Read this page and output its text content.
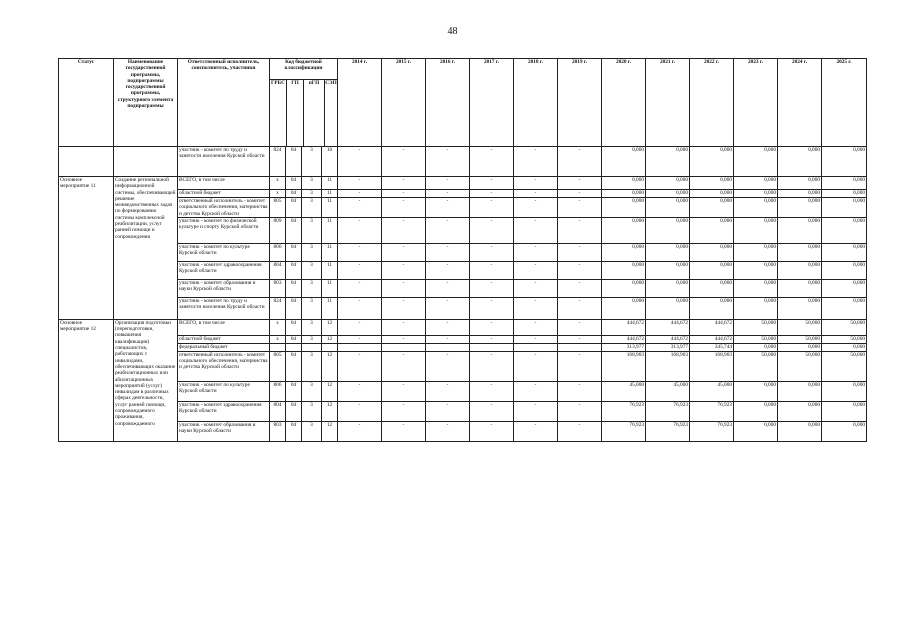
48
Статус	Наименование государственной программы, подпрограммы государственной программы, структурного элемента подпрограммы	Ответственный исполнитель, соисполнитель, участники	Код бюджетной классификации
ГРБС ГП пГП СЭП				2014 г.	2015 г.	2016 г.	2017 г.	2018 г.	2019 г.	2020 г.	2021 г.	2022 г.	2023 г.	2024 г.	2025 г.
		участник - комитет по труду и занятости населения Курской области	824	04	3	10	-	-	-	-	-	-	0,000	0,000	0,000	0,000	0,000	0,000
Основное мероприятие 11	Создание региональной информационной системы, обеспечивающей решение межведомственных задач по формированию системы комплексной реабилитации, услуг ранней помощи и сопровождения	ВСЕГО, в том числе	х	04	3	11	-	-	-	-	-	-	0,000	0,000	0,000	0,000	0,000	0,000
		областной бюджет	х	04	3	11	-	-	-	-	-	-	0,000	0,000	0,000	0,000	0,000	0,000
		ответственный исполнитель - комитет социального обеспечения, материнства и детства Курской области	805	04	3	11	-	-	-	-	-	-	0,000	0,000	0,000	0,000	0,000	0,000
		участник - комитет по физической культуре и спорту Курской области	809	04	3	11	-	-	-	-	-	-	0,000	0,000	0,000	0,000	0,000	0,000
		участник - комитет по культуре Курской области	806	04	3	11	-	-	-	-	-	-	0,000	0,000	0,000	0,000	0,000	0,000
		участник - комитет здравоохранения Курской области	804	04	3	11	-	-	-	-	-	-	0,000	0,000	0,000	0,000	0,000	0,000
		участник - комитет образования и науки Курской области	803	04	3	11	-	-	-	-	-	-	0,000	0,000	0,000	0,000	0,000	0,000
		участник - комитет по труду и занятости населения Курской области	824	04	3	11	-	-	-	-	-	-	0,000	0,000	0,000	0,000	0,000	0,000
Основное мероприятие 12	Организация подготовки (переподготовки, повышения квалификации) специалистов, работающих с инвалидами, обеспечивающих оказание реабилитационных или абилитационных мероприятий (услуг) инвалидам в различных сферах деятельности, услуг ранней помощи, сопровождаемого проживания, сопровождаемого	ВСЕГО, в том числе	х	04	3	12	-	-	-	-	-	-	444,672	444,672	444,672	50,000	50,000	50,000
		областной бюджет	х	04	3	12	-	-	-	-	-	-	444,672	444,672	444,672	50,000	50,000	50,000
		федеральный бюджет											313,977	313,977	345,744	0,000	0,000	0,000
		ответственный исполнитель - комитет социального обеспечения, материнства и детства Курской области	805	04	3	12	-	-	-	-	-	-	168,903	168,903	168,903	50,000	50,000	50,000
		участник - комитет по культуре Курской области	806	04	3	12	-	-	-	-	-	-	45,000	45,000	45,000	0,000	0,000	0,000
		участник - комитет здравоохранения Курской области	804	04	3	12	-	-	-	-	-	-	76,923	76,923	76,923	0,000	0,000	0,000
		участник - комитет образования и науки Курской области	803	04	3	12	-	-	-	-	-	-	76,923	76,923	76,923	0,000	0,000	0,000
